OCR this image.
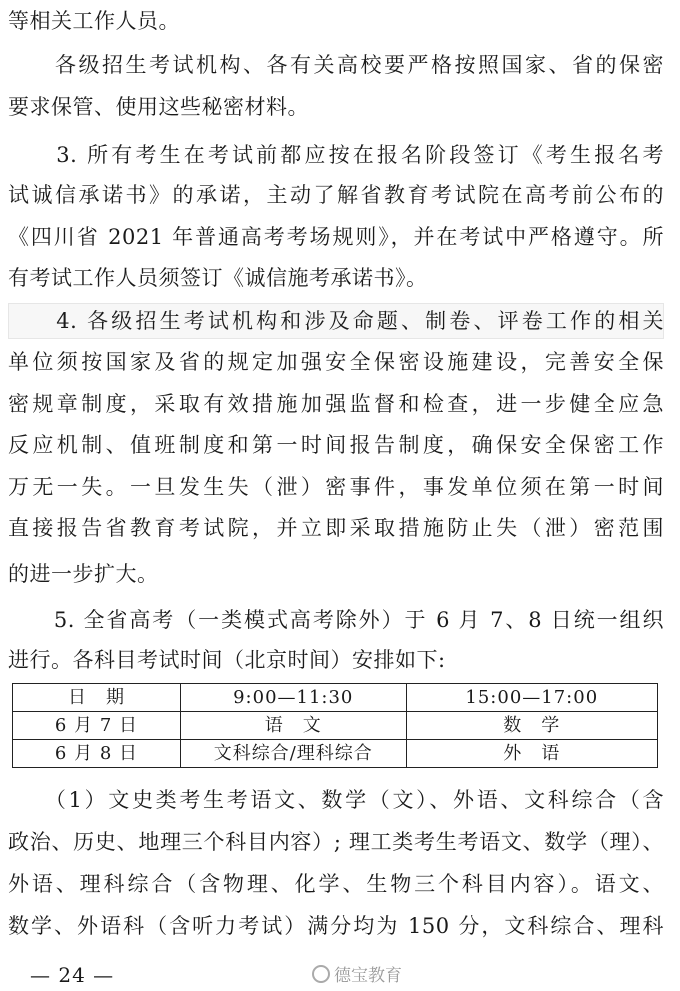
等相关工作人员。
　　各级招生考试机构、各有关高校要严格按照国家、省的保密
要求保管、使用这些秘密材料。
　　3. 所有考生在考试前都应按在报名阶段签订《考生报名考
试诚信承诺书》的承诺，主动了解省教育考试院在高考前公布的
《四川省 2021 年普通高考考场规则》，并在考试中严格遵守。所
有考试工作人员须签订《诚信施考承诺书》。
　　4. 各级招生考试机构和涉及命题、制卷、评卷工作的相关
单位须按国家及省的规定加强安全保密设施建设，完善安全保
密规章制度，采取有效措施加强监督和检查，进一步健全应急
反应机制、值班制度和第一时间报告制度，确保安全保密工作
万无一失。一旦发生失（泄）密事件，事发单位须在第一时间
直接报告省教育考试院，并立即采取措施防止失（泄）密范围
的进一步扩大。
　　5. 全省高考（一类模式高考除外）于 6 月 7、8 日统一组织
进行。各科目考试时间（北京时间）安排如下:
日　期	9:00—11:30	15:00—17:00
6 月 7 日	语　文	数　学
6 月 8 日	文科综合/理科综合	外　语
　　（1）文史类考生考语文、数学（文）、外语、文科综合（含
政治、历史、地理三个科目内容）; 理工类考生考语文、数学（理）、
外语、理科综合（含物理、化学、生物三个科目内容）。语文、
数学、外语科（含听力考试）满分均为 150 分，文科综合、理科
— 24 —	德宝教育
